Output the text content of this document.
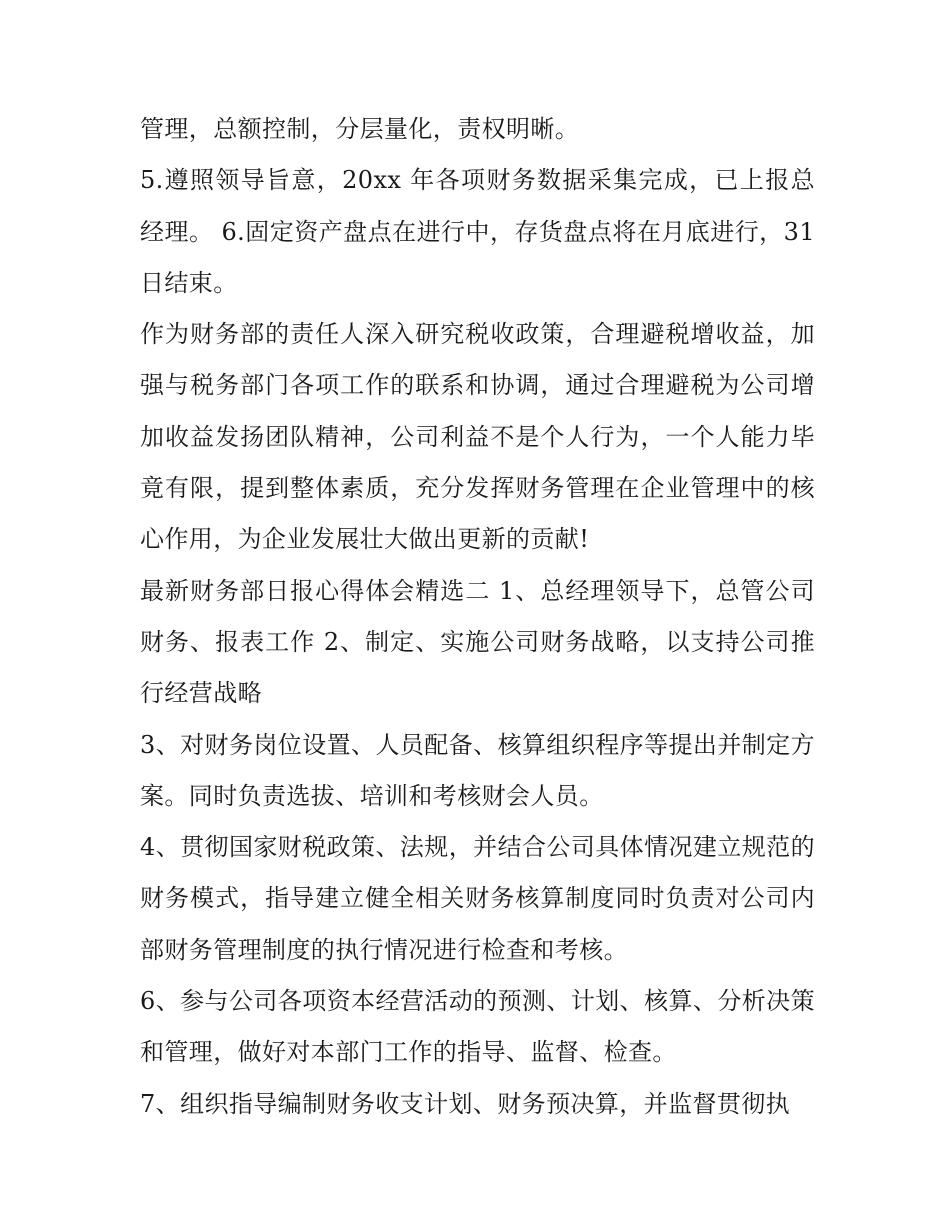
管理，总额控制，分层量化，责权明晰。

5.遵照领导旨意，20xx 年各项财务数据采集完成，已上报总经理。 6.固定资产盘点在进行中，存货盘点将在月底进行，31 日结束。

作为财务部的责任人深入研究税收政策，合理避税增收益，加强与税务部门各项工作的联系和协调，通过合理避税为公司增加收益发扬团队精神，公司利益不是个人行为，一个人能力毕竟有限，提到整体素质，充分发挥财务管理在企业管理中的核心作用，为企业发展壮大做出更新的贡献!

最新财务部日报心得体会精选二 1、总经理领导下，总管公司财务、报表工作 2、制定、实施公司财务战略，以支持公司推行经营战略

3、对财务岗位设置、人员配备、核算组织程序等提出并制定方案。同时负责选拔、培训和考核财会人员。

4、贯彻国家财税政策、法规，并结合公司具体情况建立规范的财务模式，指导建立健全相关财务核算制度同时负责对公司内部财务管理制度的执行情况进行检查和考核。

6、参与公司各项资本经营活动的预测、计划、核算、分析决策和管理，做好对本部门工作的指导、监督、检查。

7、组织指导编制财务收支计划、财务预决算，并监督贯彻执
